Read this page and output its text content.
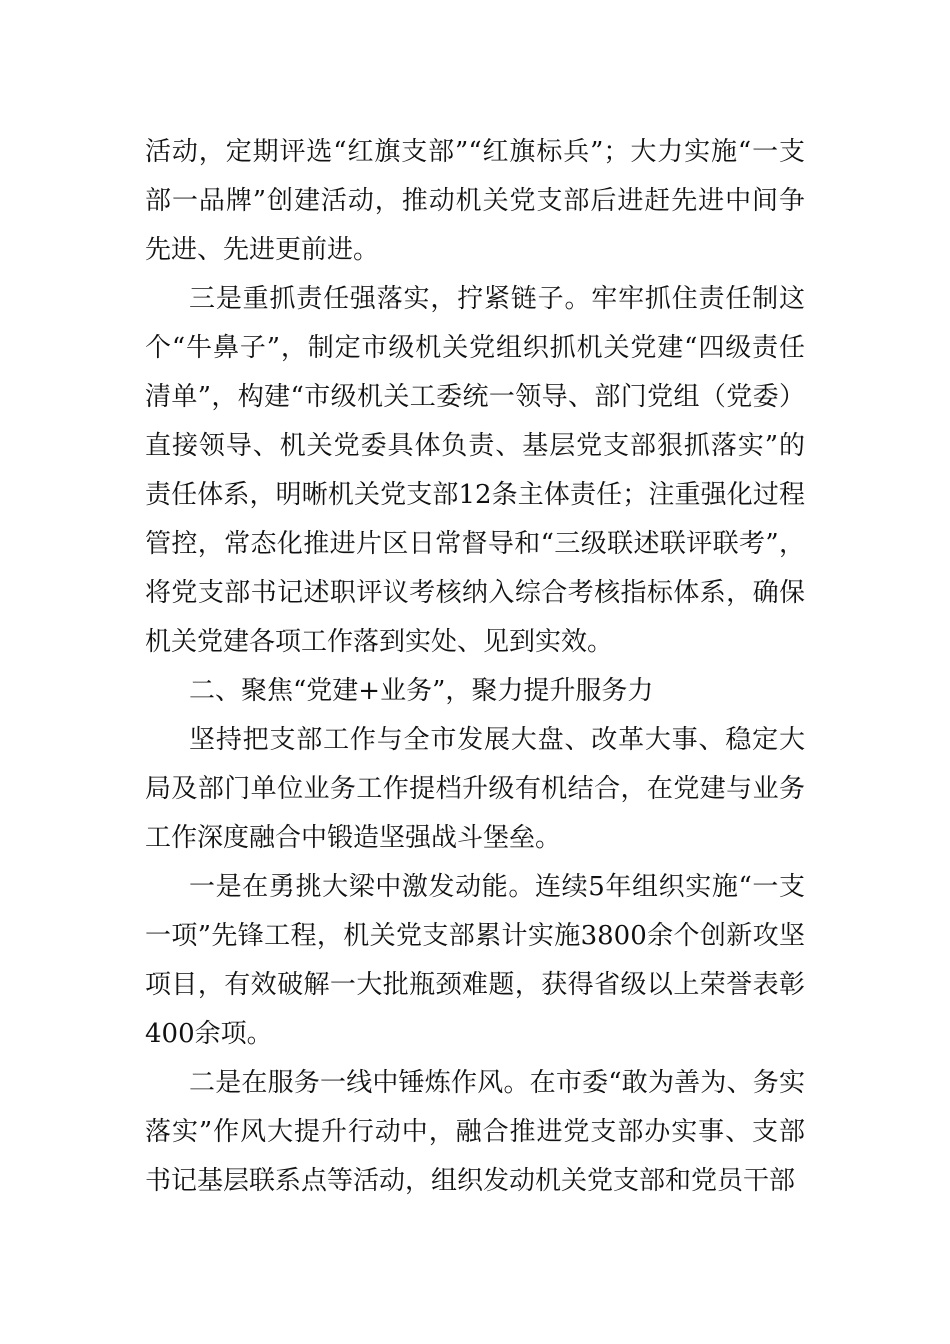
活动，定期评选“红旗支部”“红旗标兵”；大力实施“一支部一品牌”创建活动，推动机关党支部后进赶先进中间争先进、先进更前进。

三是重抓责任强落实，拧紧链子。牢牢抓住责任制这个“牛鼻子”，制定市级机关党组织抓机关党建“四级责任清单”，构建“市级机关工委统一领导、部门党组（党委）直接领导、机关党委具体负责、基层党支部狠抓落实”的责任体系，明晰机关党支部12条主体责任；注重强化过程管控，常态化推进片区日常督导和“三级联述联评联考”，将党支部书记述职评议考核纳入综合考核指标体系，确保机关党建各项工作落到实处、见到实效。

二、聚焦“党建+业务”，聚力提升服务力

坚持把支部工作与全市发展大盘、改革大事、稳定大局及部门单位业务工作提档升级有机结合，在党建与业务工作深度融合中锻造坚强战斗堡垒。

一是在勇挑大梁中激发动能。连续5年组织实施“一支一项”先锋工程，机关党支部累计实施3800余个创新攻坚项目，有效破解一大批瓶颈难题，获得省级以上荣誉表彰400余项。

二是在服务一线中锤炼作风。在市委“敢为善为、务实落实”作风大提升行动中，融合推进党支部办实事、支部书记基层联系点等活动，组织发动机关党支部和党员干部
